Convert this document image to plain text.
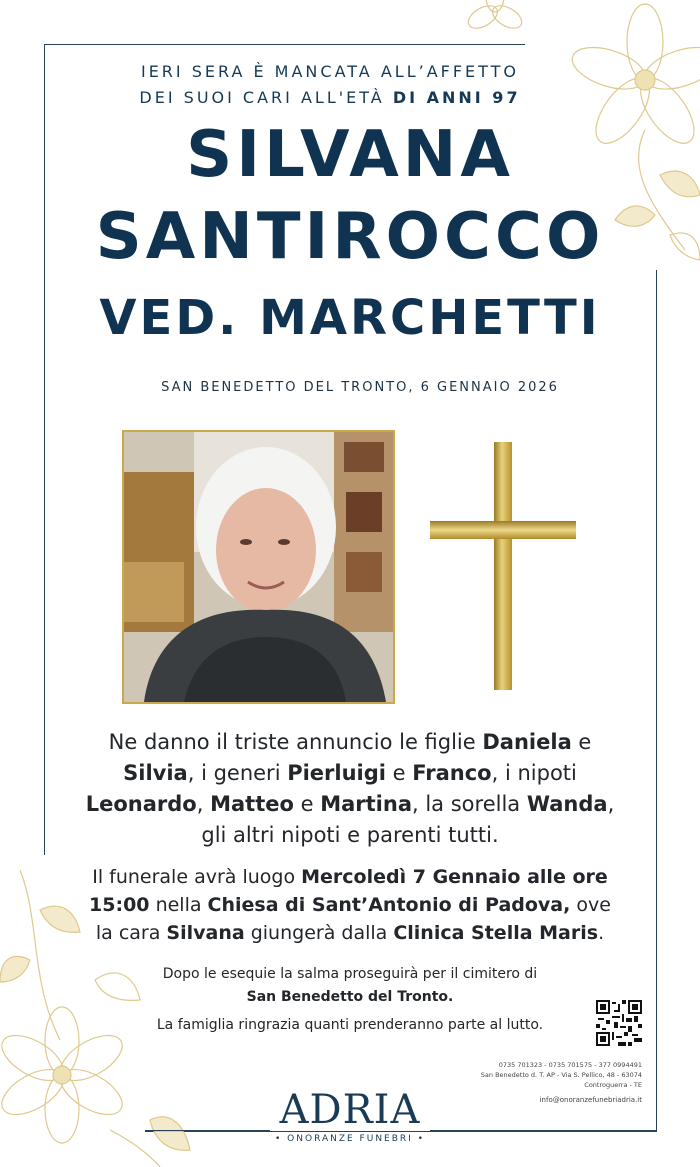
IERI SERA È MANCATA ALL’AFFETTO
DEI SUOI CARI ALL'ETÀ DI ANNI 97
SILVANA
SANTIROCCO
VED. MARCHETTI
SAN BENEDETTO DEL TRONTO, 6 GENNAIO 2026
Ne danno il triste annuncio le figlie Daniela e
Silvia, i generi Pierluigi e Franco, i nipoti
Leonardo, Matteo e Martina, la sorella Wanda,
gli altri nipoti e parenti tutti.
Il funerale avrà luogo Mercoledì 7 Gennaio alle ore
15:00 nella Chiesa di Sant’Antonio di Padova, ove
la cara Silvana giungerà dalla Clinica Stella Maris.
Dopo le esequie la salma proseguirà per il cimitero di
San Benedetto del Tronto.
La famiglia ringrazia quanti prenderanno parte al lutto.
0735 701323 - 0735 701575 - 377 0994491
San Benedetto d. T. AP - Via S. Pellico, 48 - 63074
Controguerra - TE
info@onoranzefunebriadria.it
ADRIA
• ONORANZE FUNEBRI •
